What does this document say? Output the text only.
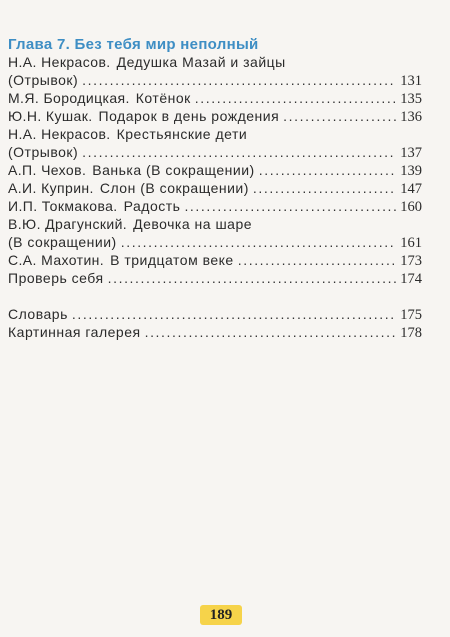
Глава 7. Без тебя мир неполный
Н.А. Некрасов. Дедушка Мазай и зайцы
(Отрывок) .....	131
М.Я. Бородицкая. Котёнок .....	135
Ю.Н. Кушак. Подарок в день рождения .....	136
Н.А. Некрасов. Крестьянские дети
(Отрывок) .....	137
А.П. Чехов. Ванька (В сокращении) .....	139
А.И. Куприн. Слон (В сокращении) .....	147
И.П. Токмакова. Радость .....	160
В.Ю. Драгунский. Девочка на шаре
(В сокращении) .....	161
С.А. Махотин. В тридцатом веке .....	173
Проверь себя .....	174
Словарь .....	175
Картинная галерея .....	178
189
